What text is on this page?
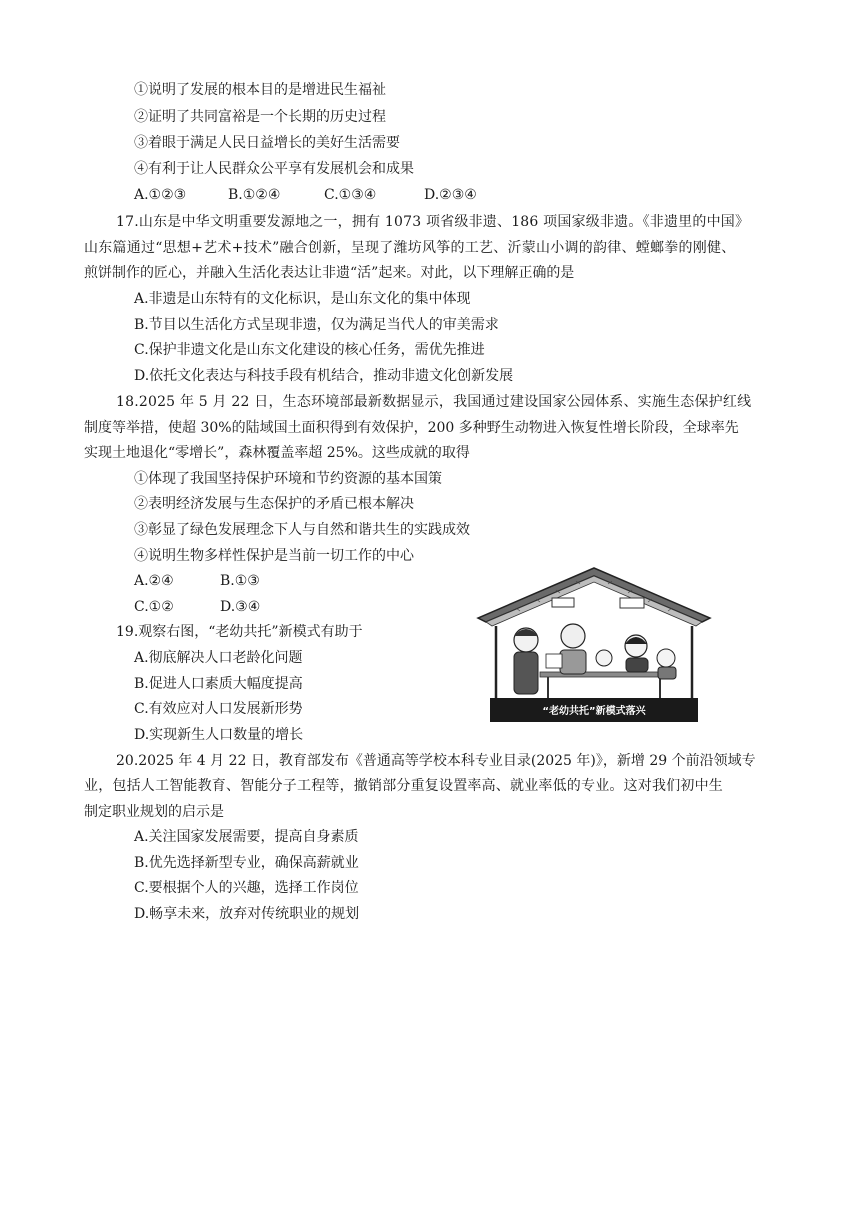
①说明了发展的根本目的是增进民生福祉
②证明了共同富裕是一个长期的历史过程
③着眼于满足人民日益增长的美好生活需要
④有利于让人民群众公平享有发展机会和成果
A.①②③	B.①②④	C.①③④	D.②③④
17.山东是中华文明重要发源地之一，拥有 1073 项省级非遗、186 项国家级非遗。《非遗里的中国》
山东篇通过“思想+艺术+技术”融合创新，呈现了潍坊风筝的工艺、沂蒙山小调的韵律、螳螂拳的刚健、
煎饼制作的匠心，并融入生活化表达让非遗“活”起来。对此，以下理解正确的是
A.非遗是山东特有的文化标识，是山东文化的集中体现
B.节目以生活化方式呈现非遗，仅为满足当代人的审美需求
C.保护非遗文化是山东文化建设的核心任务，需优先推进
D.依托文化表达与科技手段有机结合，推动非遗文化创新发展
18.2025 年 5 月 22 日，生态环境部最新数据显示，我国通过建设国家公园体系、实施生态保护红线
制度等举措，使超 30%的陆域国土面积得到有效保护，200 多种野生动物进入恢复性增长阶段，全球率先
实现土地退化“零增长”，森林覆盖率超 25%。这些成就的取得
①体现了我国坚持保护环境和节约资源的基本国策
②表明经济发展与生态保护的矛盾已根本解决
③彰显了绿色发展理念下人与自然和谐共生的实践成效
④说明生物多样性保护是当前一切工作的中心
A.②④	B.①③
C.①②	D.③④
19.观察右图，“老幼共托”新模式有助于
A.彻底解决人口老龄化问题
B.促进人口素质大幅度提高
C.有效应对人口发展新形势
D.实现新生人口数量的增长
“老幼共托”新模式落兴
20.2025 年 4 月 22 日，教育部发布《普通高等学校本科专业目录(2025 年)》，新增 29 个前沿领域专
业，包括人工智能教育、智能分子工程等，撤销部分重复设置率高、就业率低的专业。这对我们初中生
制定职业规划的启示是
A.关注国家发展需要，提高自身素质
B.优先选择新型专业，确保高薪就业
C.要根据个人的兴趣，选择工作岗位
D.畅享未来，放弃对传统职业的规划
